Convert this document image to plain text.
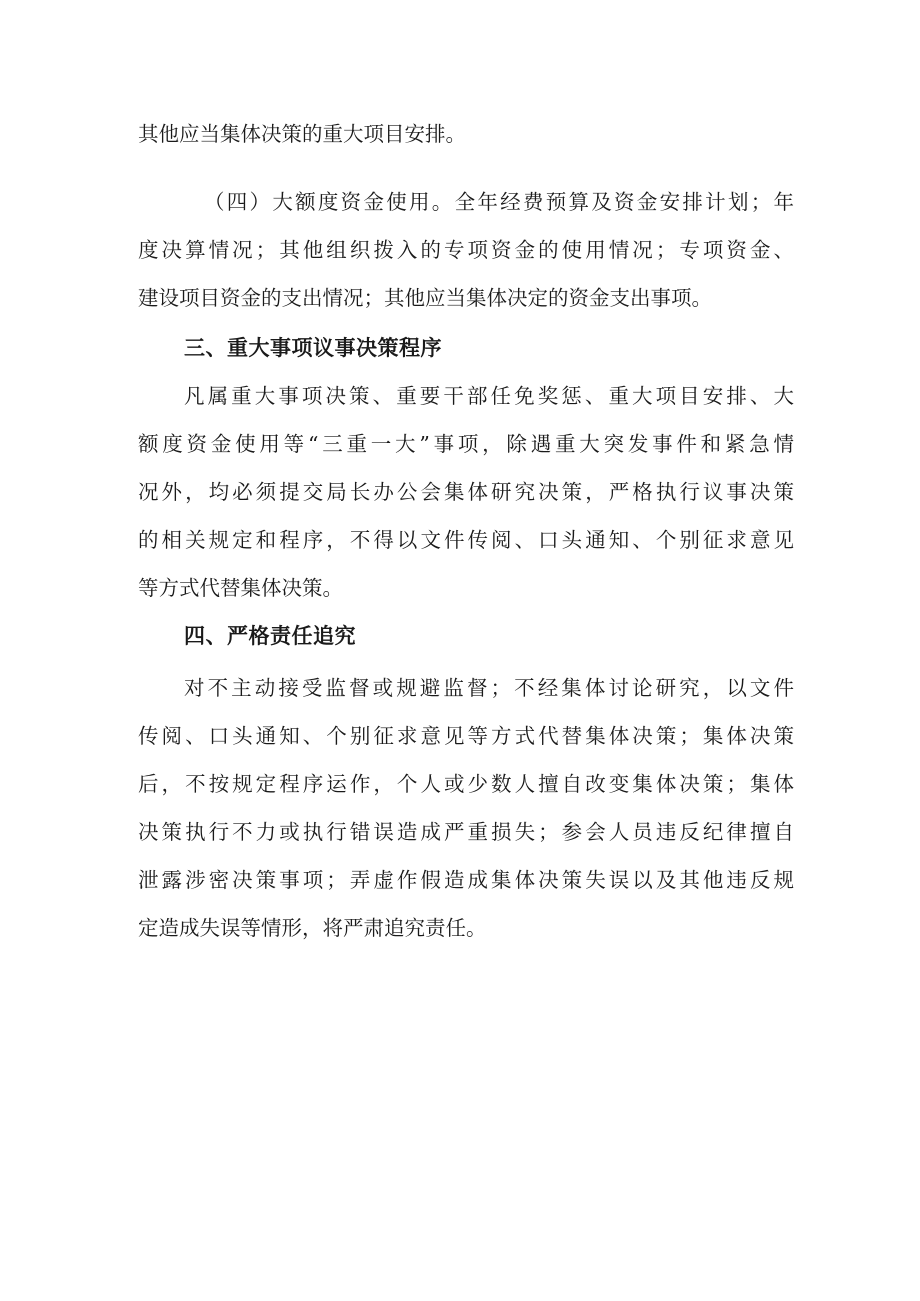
其他应当集体决策的重大项目安排。
（四）大额度资金使用。全年经费预算及资金安排计划；年
度决算情况；其他组织拨入的专项资金的使用情况；专项资金、
建设项目资金的支出情况；其他应当集体决定的资金支出事项。
三、重大事项议事决策程序
凡属重大事项决策、重要干部任免奖惩、重大项目安排、大
额度资金使用等“三重一大”事项，除遇重大突发事件和紧急情
况外，均必须提交局长办公会集体研究决策，严格执行议事决策
的相关规定和程序，不得以文件传阅、口头通知、个别征求意见
等方式代替集体决策。
四、严格责任追究
对不主动接受监督或规避监督；不经集体讨论研究，以文件
传阅、口头通知、个别征求意见等方式代替集体决策；集体决策
后，不按规定程序运作，个人或少数人擅自改变集体决策；集体
决策执行不力或执行错误造成严重损失；参会人员违反纪律擅自
泄露涉密决策事项；弄虚作假造成集体决策失误以及其他违反规
定造成失误等情形，将严肃追究责任。
